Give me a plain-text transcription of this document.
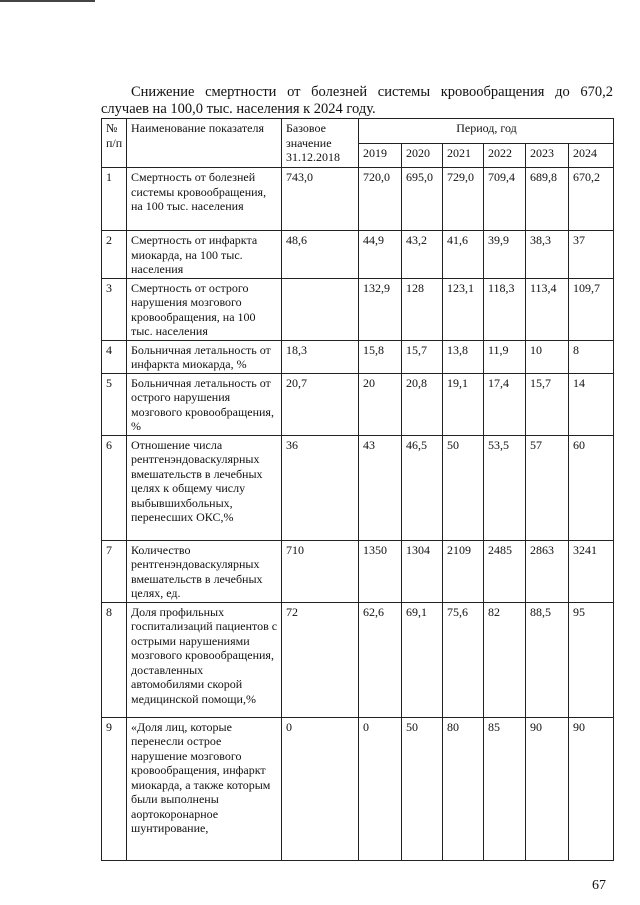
Снижение смертности от болезней системы кровообращения до 670,2
случаев на 100,0 тыс. населения к 2024 году.
№ п/п	Наименование показателя	Базовое значение 31.12.2018	Период, год					
			2019	2020	2021	2022	2023	2024
1	Смертность от болезней системы кровообращения, на 100 тыс. населения	743,0	720,0	695,0	729,0	709,4	689,8	670,2
2	Смертность от инфаркта миокарда, на 100 тыс. населения	48,6	44,9	43,2	41,6	39,9	38,3	37
3	Смертность от острого нарушения мозгового кровообращения, на 100 тыс. населения		132,9	128	123,1	118,3	113,4	109,7
4	Больничная летальность от инфаркта миокарда, %	18,3	15,8	15,7	13,8	11,9	10	8
5	Больничная летальность от острого нарушения мозгового кровообращения, %	20,7	20	20,8	19,1	17,4	15,7	14
6	Отношение числа рентгенэндоваскулярных вмешательств в лечебных целях к общему числу выбывшихбольных, перенесших ОКС,%	36	43	46,5	50	53,5	57	60
7	Количество рентгенэндоваскулярных вмешательств в лечебных целях, ед.	710	1350	1304	2109	2485	2863	3241
8	Доля профильных госпитализаций пациентов с острыми нарушениями мозгового кровообращения, доставленных автомобилями скорой медицинской помощи,%	72	62,6	69,1	75,6	82	88,5	95
9	«Доля лиц, которые перенесли острое нарушение мозгового кровообращения, инфаркт миокарда, а также которым были выполнены аортокоронарное шунтирование,	0	0	50	80	85	90	90
67
